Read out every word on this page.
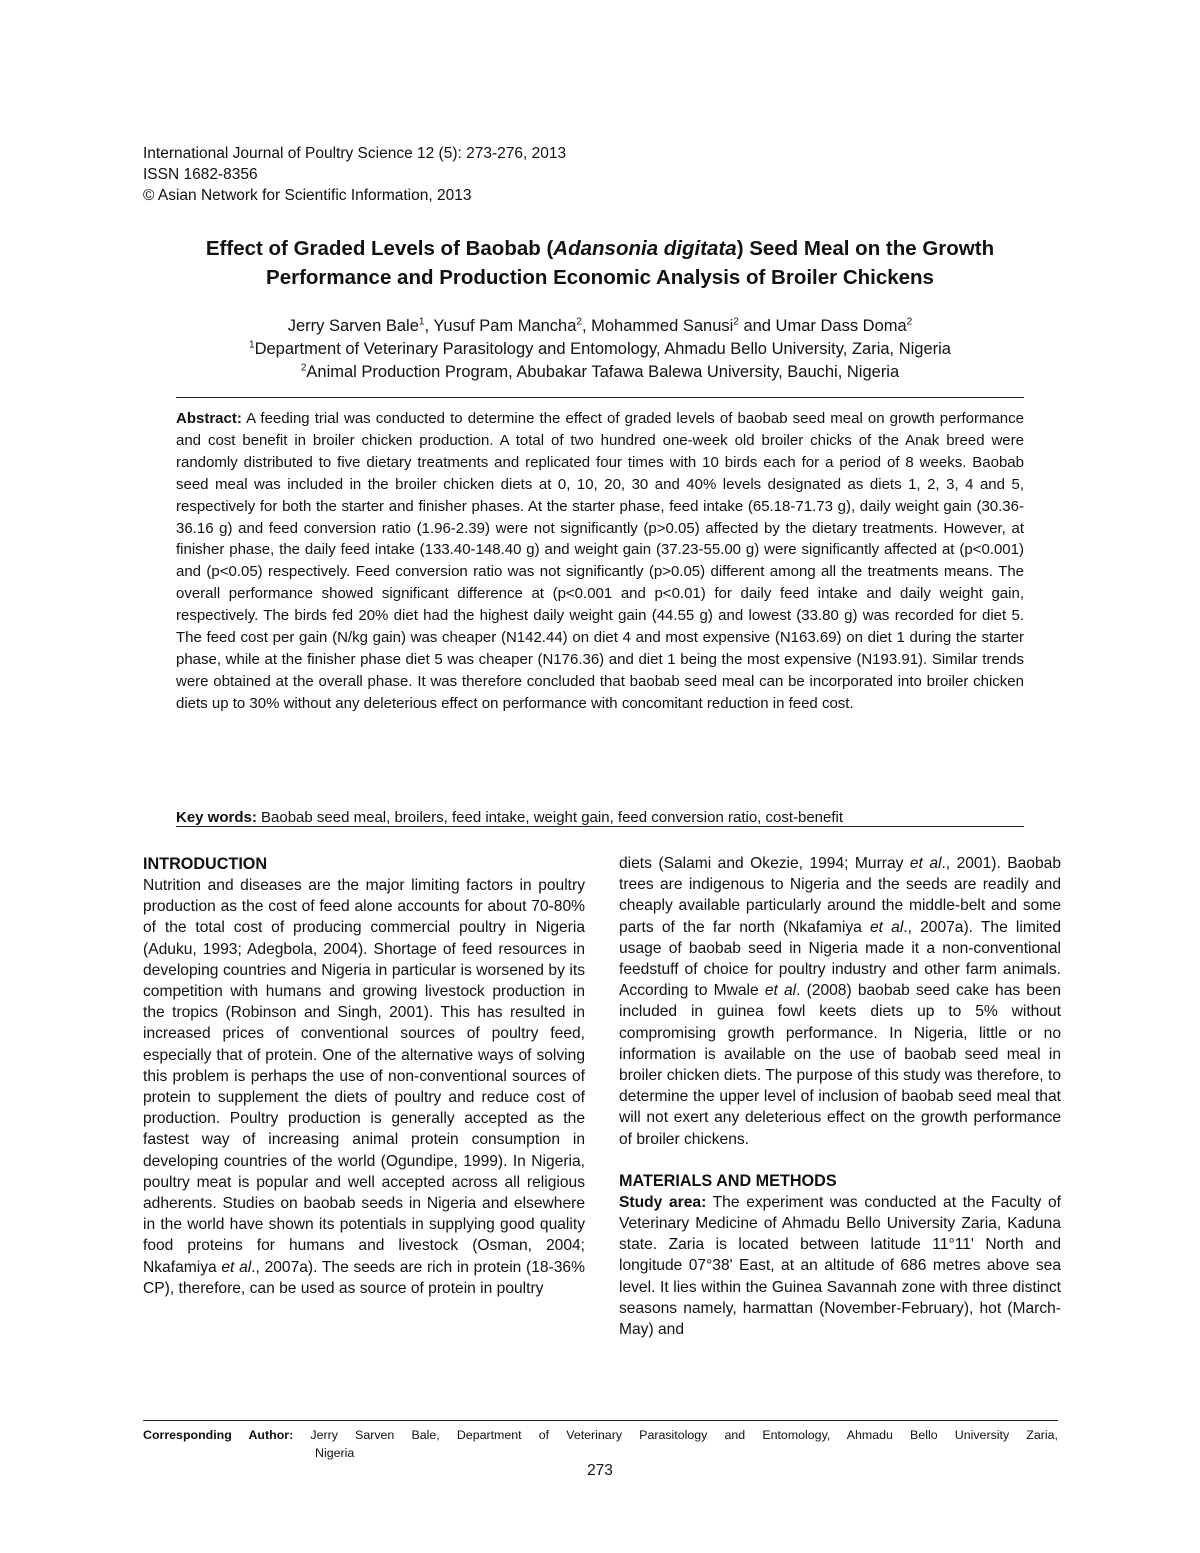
International Journal of Poultry Science 12 (5): 273-276, 2013
ISSN 1682-8356
© Asian Network for Scientific Information, 2013
Effect of Graded Levels of Baobab (Adansonia digitata) Seed Meal on the Growth
Performance and Production Economic Analysis of Broiler Chickens
Jerry Sarven Bale$^1$, Yusuf Pam Mancha$^2$, Mohammed Sanusi$^2$ and Umar Dass Doma$^2$
$^1$Department of Veterinary Parasitology and Entomology, Ahmadu Bello University, Zaria, Nigeria
$^2$Animal Production Program, Abubakar Tafawa Balewa University, Bauchi, Nigeria
Abstract: A feeding trial was conducted to determine the effect of graded levels of baobab seed meal on growth performance and cost benefit in broiler chicken production. A total of two hundred one-week old broiler chicks of the Anak breed were randomly distributed to five dietary treatments and replicated four times with 10 birds each for a period of 8 weeks. Baobab seed meal was included in the broiler chicken diets at 0, 10, 20, 30 and 40% levels designated as diets 1, 2, 3, 4 and 5, respectively for both the starter and finisher phases. At the starter phase, feed intake (65.18-71.73 g), daily weight gain (30.36-36.16 g) and feed conversion ratio (1.96-2.39) were not significantly (p>0.05) affected by the dietary treatments. However, at finisher phase, the daily feed intake (133.40-148.40 g) and weight gain (37.23-55.00 g) were significantly affected at (p<0.001) and (p<0.05) respectively. Feed conversion ratio was not significantly (p>0.05) different among all the treatments means. The overall performance showed significant difference at (p<0.001 and p<0.01) for daily feed intake and daily weight gain, respectively. The birds fed 20% diet had the highest daily weight gain (44.55 g) and lowest (33.80 g) was recorded for diet 5. The feed cost per gain (N/kg gain) was cheaper (N142.44) on diet 4 and most expensive (N163.69) on diet 1 during the starter phase, while at the finisher phase diet 5 was cheaper (N176.36) and diet 1 being the most expensive (N193.91). Similar trends were obtained at the overall phase. It was therefore concluded that baobab seed meal can be incorporated into broiler chicken diets up to 30% without any deleterious effect on performance with concomitant reduction in feed cost.
Key words: Baobab seed meal, broilers, feed intake, weight gain, feed conversion ratio, cost-benefit

INTRODUCTION

Nutrition and diseases are the major limiting factors in poultry production as the cost of feed alone accounts for about 70-80% of the total cost of producing commercial poultry in Nigeria (Aduku, 1993; Adegbola, 2004). Shortage of feed resources in developing countries and Nigeria in particular is worsened by its competition with humans and growing livestock production in the tropics (Robinson and Singh, 2001). This has resulted in increased prices of conventional sources of poultry feed, especially that of protein. One of the alternative ways of solving this problem is perhaps the use of non-conventional sources of protein to supplement the diets of poultry and reduce cost of production. Poultry production is generally accepted as the fastest way of increasing animal protein consumption in developing countries of the world (Ogundipe, 1999). In Nigeria, poultry meat is popular and well accepted across all religious adherents. Studies on baobab seeds in Nigeria and elsewhere in the world have shown its potentials in supplying good quality food proteins for humans and livestock (Osman, 2004; Nkafamiya et al., 2007a). The seeds are rich in protein (18-36% CP), therefore, can be used as source of protein in poultry

diets (Salami and Okezie, 1994; Murray et al., 2001). Baobab trees are indigenous to Nigeria and the seeds are readily and cheaply available particularly around the middle-belt and some parts of the far north (Nkafamiya et al., 2007a). The limited usage of baobab seed in Nigeria made it a non-conventional feedstuff of choice for poultry industry and other farm animals. According to Mwale et al. (2008) baobab seed cake has been included in guinea fowl keets diets up to 5% without compromising growth performance. In Nigeria, little or no information is available on the use of baobab seed meal in broiler chicken diets. The purpose of this study was therefore, to determine the upper level of inclusion of baobab seed meal that will not exert any deleterious effect on the growth performance of broiler chickens.

MATERIALS AND METHODS

Study area: The experiment was conducted at the Faculty of Veterinary Medicine of Ahmadu Bello University Zaria, Kaduna state. Zaria is located between latitude 11°11' North and longitude 07°38' East, at an altitude of 686 metres above sea level. It lies within the Guinea Savannah zone with three distinct seasons namely, harmattan (November-February), hot (March-May) and

Corresponding Author: Jerry Sarven Bale, Department of Veterinary Parasitology and Entomology, Ahmadu Bello University Zaria,
Nigeria
273
